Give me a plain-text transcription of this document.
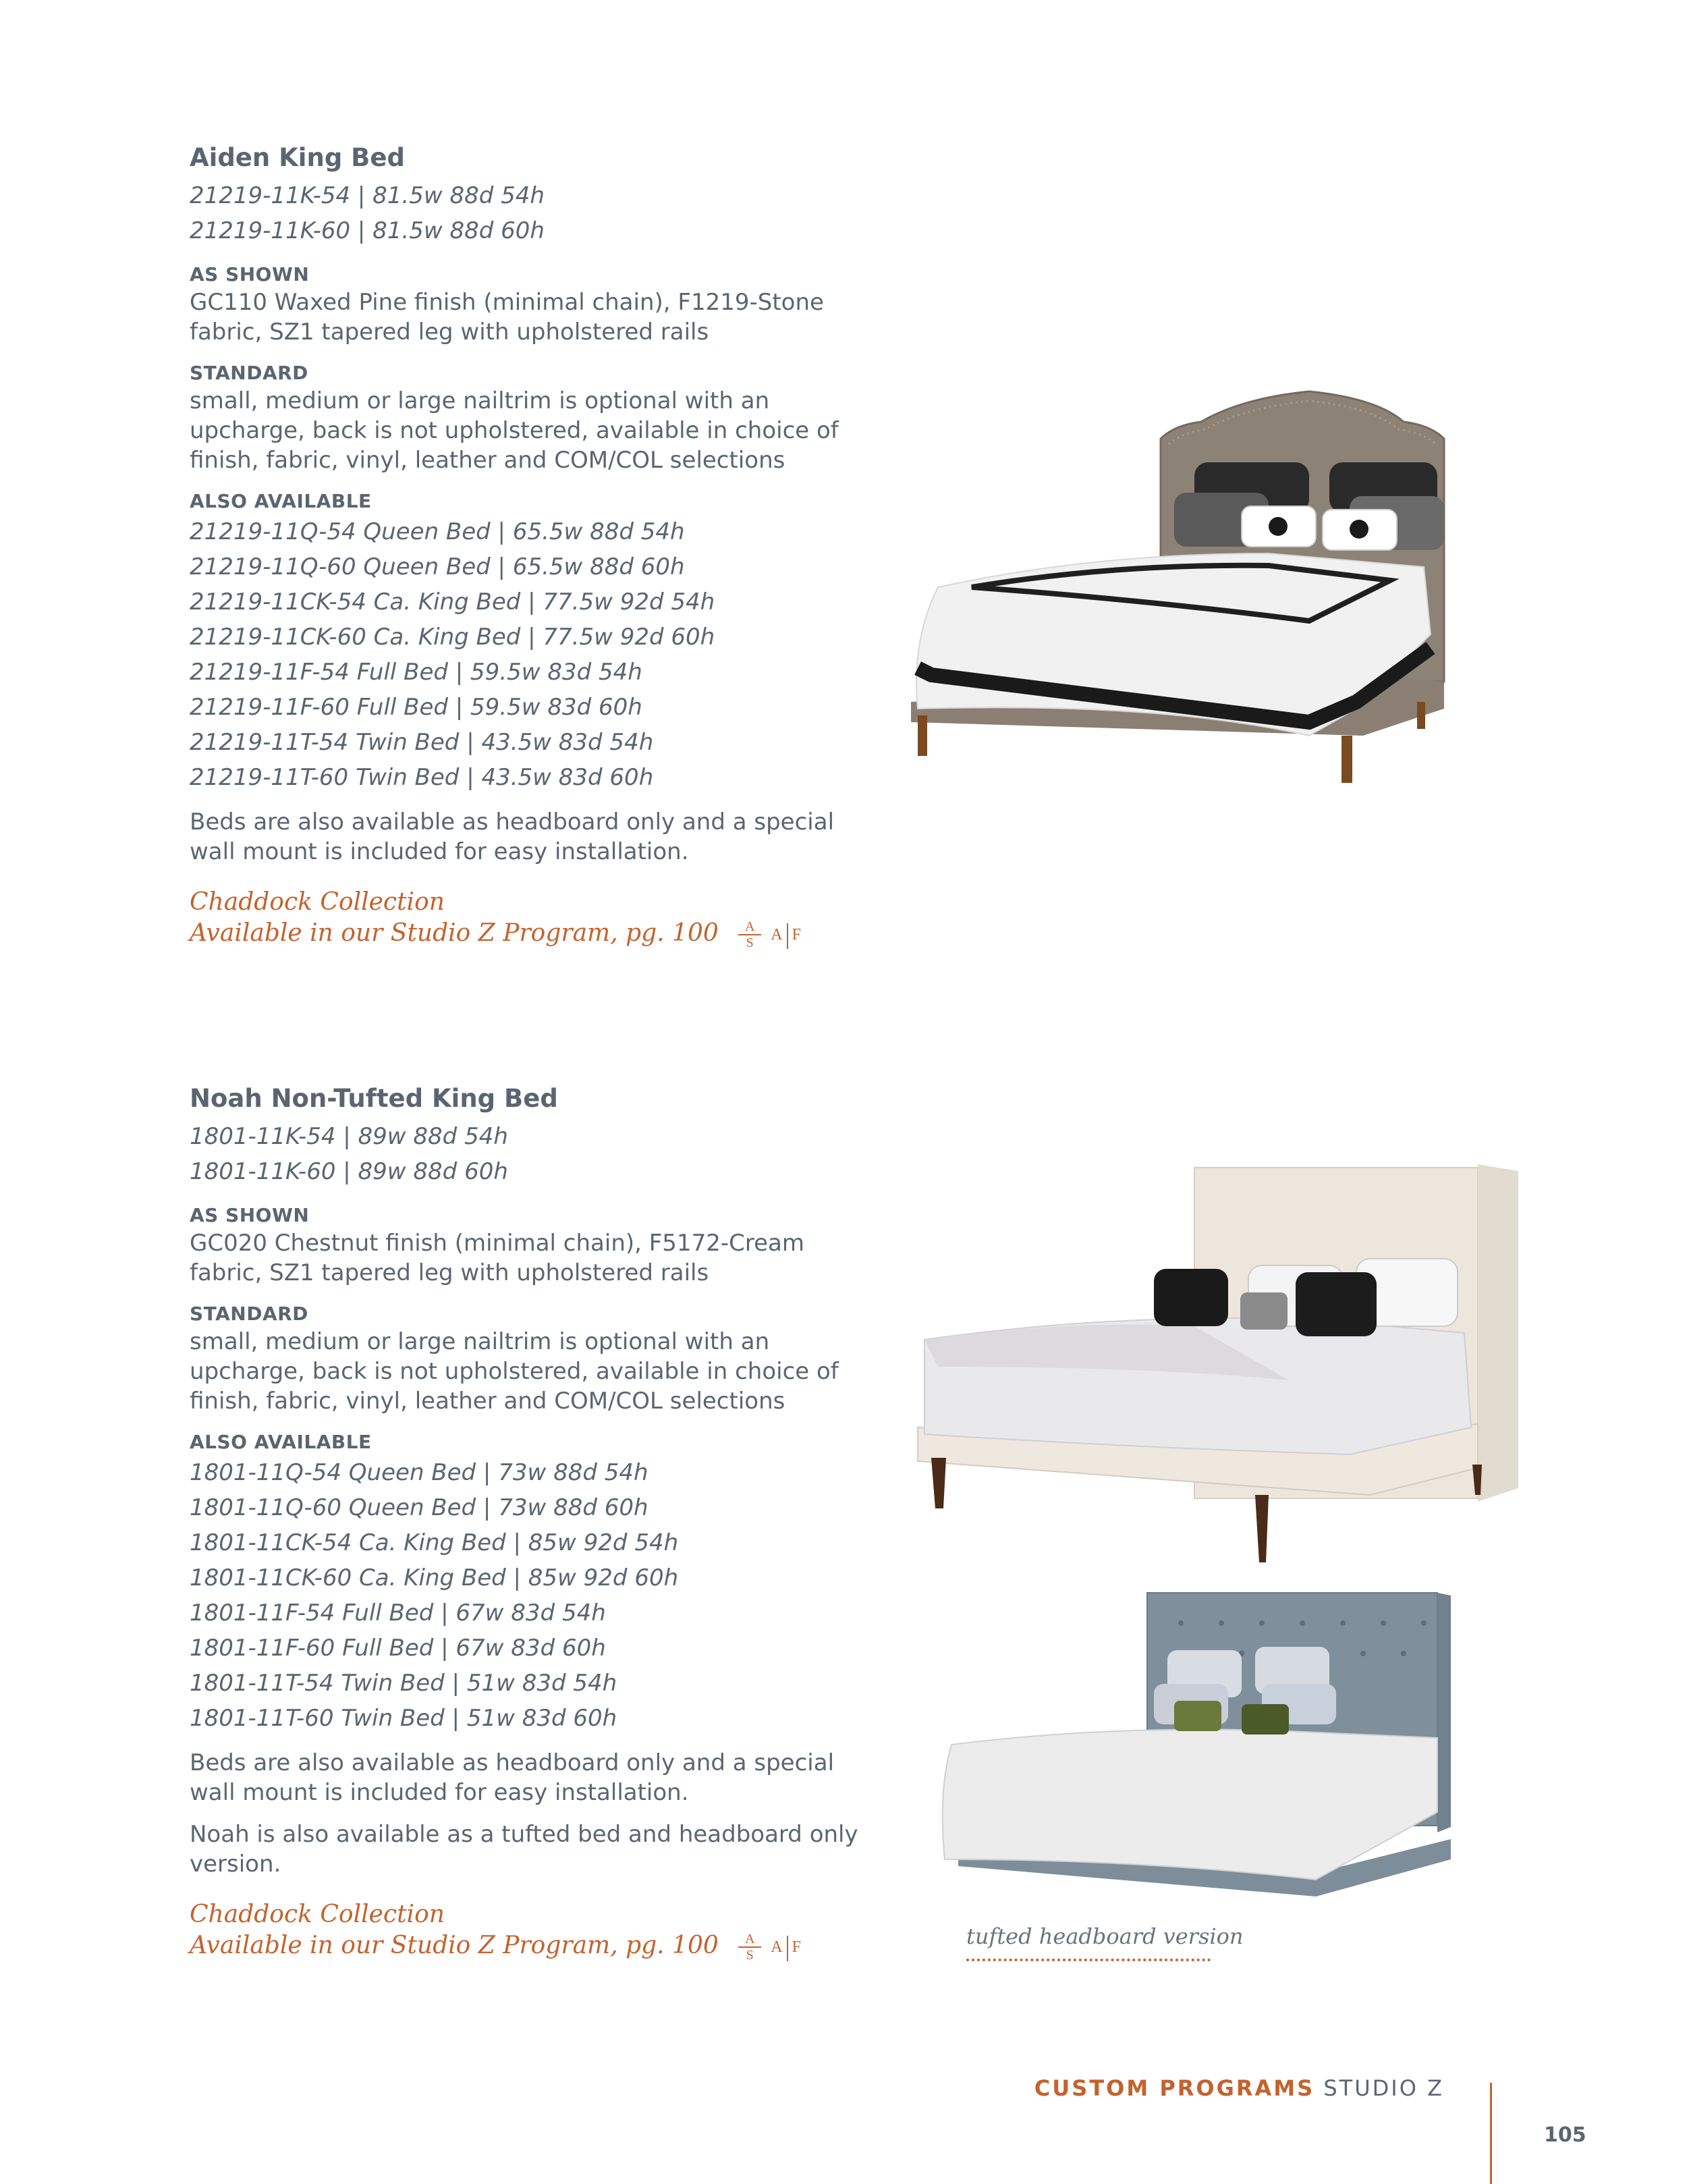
Aiden King Bed
21219-11K-54 | 81.5w 88d 54h
21219-11K-60 | 81.5w 88d 60h
AS SHOWN
GC110 Waxed Pine finish (minimal chain), F1219-Stone fabric, SZ1 tapered leg with upholstered rails
STANDARD
small, medium or large nailtrim is optional with an upcharge, back is not upholstered, available in choice of finish, fabric, vinyl, leather and COM/COL selections
ALSO AVAILABLE
21219-11Q-54 Queen Bed | 65.5w 88d 54h
21219-11Q-60 Queen Bed | 65.5w 88d 60h
21219-11CK-54 Ca. King Bed | 77.5w 92d 54h
21219-11CK-60 Ca. King Bed | 77.5w 92d 60h
21219-11F-54 Full Bed | 59.5w 83d 54h
21219-11F-60 Full Bed | 59.5w 83d 60h
21219-11T-54 Twin Bed | 43.5w 83d 54h
21219-11T-60 Twin Bed | 43.5w 83d 60h
Beds are also available as headboard only and a special wall mount is included for easy installation.
Chaddock Collection
Available in our Studio Z Program, pg. $100 \frac{A}{S}$ A F
Noah Non-Tufted King Bed
1801-11K-54 | 89w 88d 54h
1801-11K-60 | 89w 88d 60h
AS SHOWN
GC020 Chestnut finish (minimal chain), F5172-Cream fabric, SZ1 tapered leg with upholstered rails
STANDARD
small, medium or large nailtrim is optional with an upcharge, back is not upholstered, available in choice of finish, fabric, vinyl, leather and COM/COL selections
ALSO AVAILABLE
1801-11Q-54 Queen Bed | 73w 88d 54h
1801-11Q-60 Queen Bed | 73w 88d 60h
1801-11CK-54 Ca. King Bed | 85w 92d 54h
1801-11CK-60 Ca. King Bed | 85w 92d 60h
1801-11F-54 Full Bed | 67w 83d 54h
1801-11F-60 Full Bed | 67w 83d 60h
1801-11T-54 Twin Bed | 51w 83d 54h
1801-11T-60 Twin Bed | 51w 83d 60h
Beds are also available as headboard only and a special wall mount is included for easy installation.
Noah is also available as a tufted bed and headboard only version.
Chaddock Collection
Available in our Studio Z Program, pg. $100 \frac{A}{S}$ A F	tufted headboard version
CUSTOM PROGRAMS STUDIO Z
105
